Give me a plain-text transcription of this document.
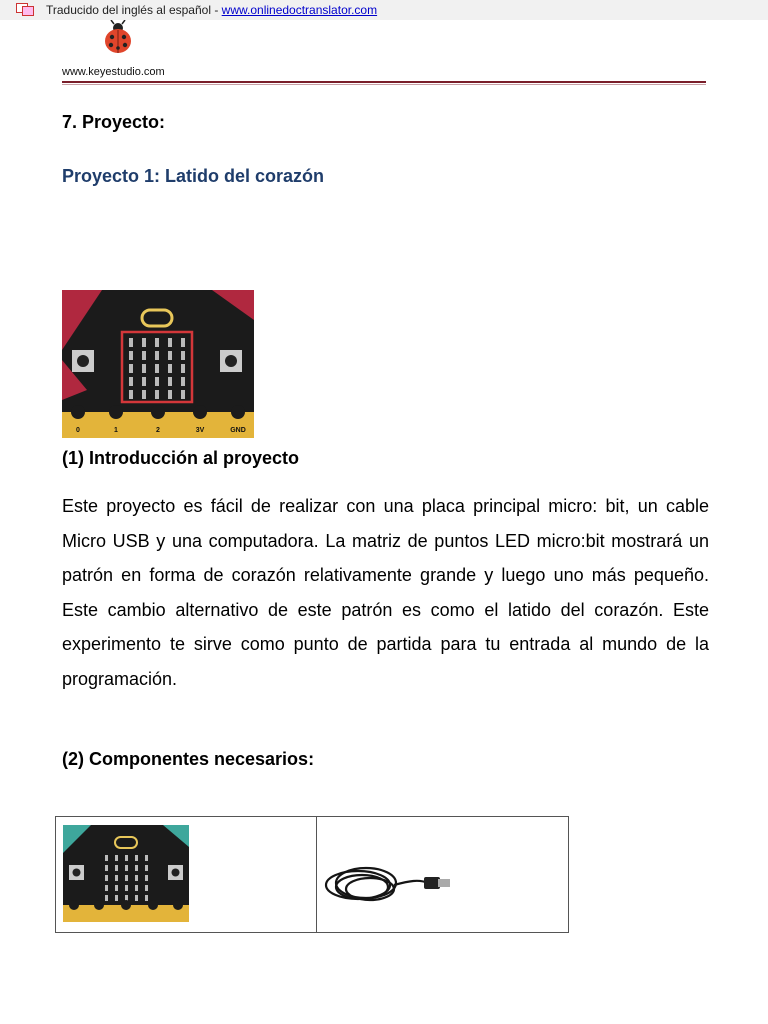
Traducido del inglés al español - www.onlinedoctranslator.com
www.keyestudio.com
7. Proyecto:
Proyecto 1: Latido del corazón
0	1	2	3V	GND
(1) Introducción al proyecto

Este proyecto es fácil de realizar con una placa principal micro: bit, un cable Micro USB y una computadora. La matriz de puntos LED micro:bit mostrará un patrón en forma de corazón relativamente grande y luego uno más pequeño. Este cambio alternativo de este patrón es como el latido del corazón. Este experimento te sirve como punto de partida para tu entrada al mundo de la programación.

(2) Componentes necesarios:
